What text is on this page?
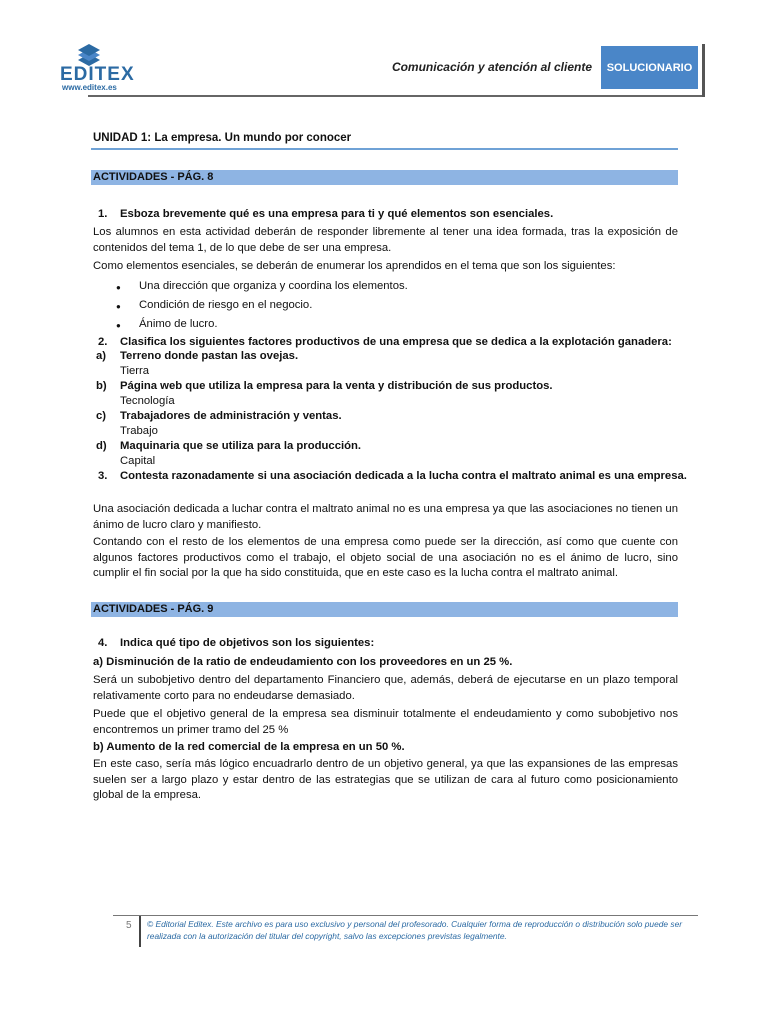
EDITEX
www.editex.es
Comunicación y atención al cliente	SOLUCIONARIO
UNIDAD 1: La empresa. Un mundo por conocer
ACTIVIDADES - PÁG. 8
1. Esboza brevemente qué es una empresa para ti y qué elementos son esenciales.
Los alumnos en esta actividad deberán de responder libremente al tener una idea formada, tras la exposición de contenidos del tema 1, de lo que debe de ser una empresa.
Como elementos esenciales, se deberán de enumerar los aprendidos en el tema que son los siguientes:
● Una dirección que organiza y coordina los elementos.
● Condición de riesgo en el negocio.
● Ánimo de lucro.
2. Clasifica los siguientes factores productivos de una empresa que se dedica a la explotación ganadera:
a) Terreno donde pastan las ovejas.
Tierra
b) Página web que utiliza la empresa para la venta y distribución de sus productos.
Tecnología
c) Trabajadores de administración y ventas.
Trabajo
d) Maquinaria que se utiliza para la producción.
Capital
3. Contesta razonadamente si una asociación dedicada a la lucha contra el maltrato animal es una empresa.
Una asociación dedicada a luchar contra el maltrato animal no es una empresa ya que las asociaciones no tienen un ánimo de lucro claro y manifiesto.
Contando con el resto de los elementos de una empresa como puede ser la dirección, así como que cuente con algunos factores productivos como el trabajo, el objeto social de una asociación no es el ánimo de lucro, sino cumplir el fin social por la que ha sido constituida, que en este caso es la lucha contra el maltrato animal.
ACTIVIDADES - PÁG. 9
4. Indica qué tipo de objetivos son los siguientes:
a) Disminución de la ratio de endeudamiento con los proveedores en un 25 %.
Será un subobjetivo dentro del departamento Financiero que, además, deberá de ejecutarse en un plazo temporal relativamente corto para no endeudarse demasiado.
Puede que el objetivo general de la empresa sea disminuir totalmente el endeudamiento y como subobjetivo nos encontremos un primer tramo del 25 %
b) Aumento de la red comercial de la empresa en un 50 %.
En este caso, sería más lógico encuadrarlo dentro de un objetivo general, ya que las expansiones de las empresas suelen ser a largo plazo y estar dentro de las estrategias que se utilizan de cara al futuro como posicionamiento global de la empresa.
5 © Editorial Editex. Este archivo es para uso exclusivo y personal del profesorado. Cualquier forma de reproducción o distribución solo puede ser realizada con la autorización del titular del copyright, salvo las excepciones previstas legalmente.
